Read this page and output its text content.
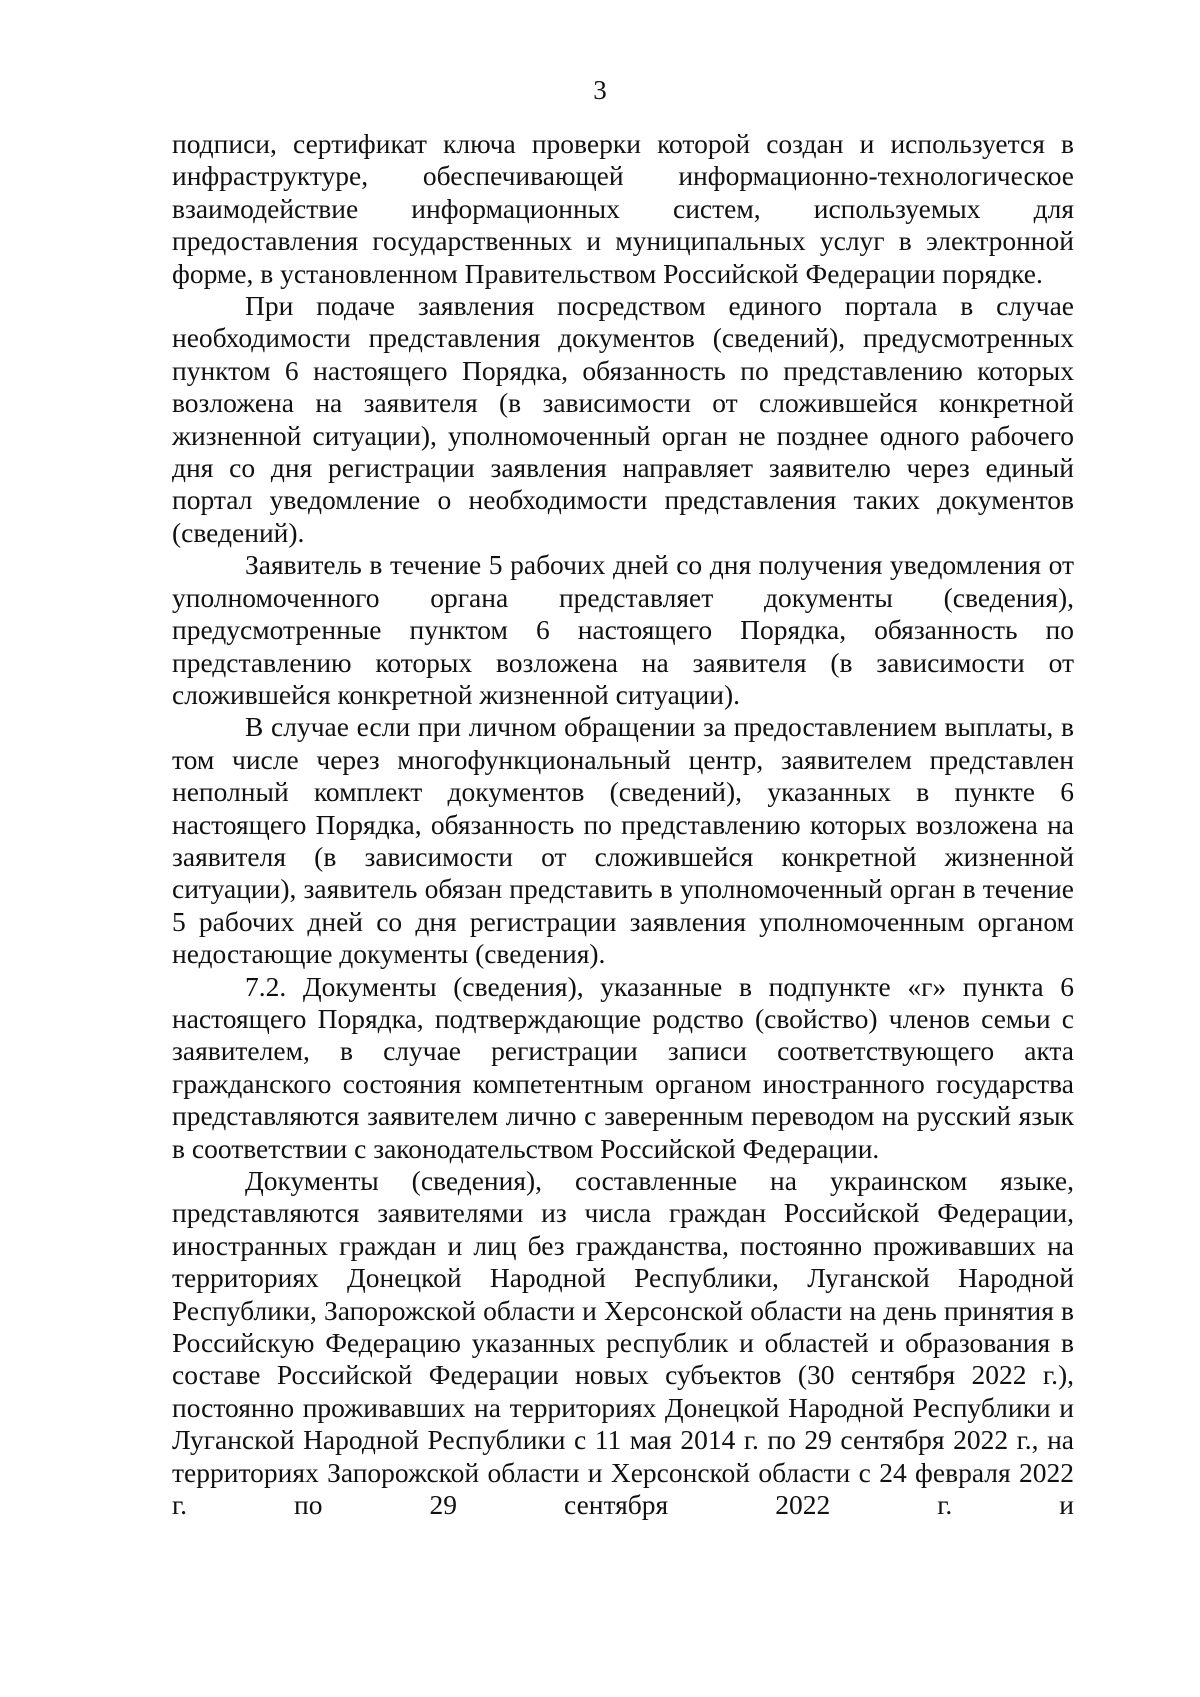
3

подписи, сертификат ключа проверки которой создан и используется в инфраструктуре, обеспечивающей информационно-технологическое взаимодействие информационных систем, используемых для предоставления государственных и муниципальных услуг в электронной форме, в установленном Правительством Российской Федерации порядке.

При подаче заявления посредством единого портала в случае необходимости представления документов (сведений), предусмотренных пунктом 6 настоящего Порядка, обязанность по представлению которых возложена на заявителя (в зависимости от сложившейся конкретной жизненной ситуации), уполномоченный орган не позднее одного рабочего дня со дня регистрации заявления направляет заявителю через единый портал уведомление о необходимости представления таких документов (сведений).

Заявитель в течение 5 рабочих дней со дня получения уведомления от уполномоченного органа представляет документы (сведения), предусмотренные пунктом 6 настоящего Порядка, обязанность по представлению которых возложена на заявителя (в зависимости от сложившейся конкретной жизненной ситуации).

В случае если при личном обращении за предоставлением выплаты, в том числе через многофункциональный центр, заявителем представлен неполный комплект документов (сведений), указанных в пункте 6 настоящего Порядка, обязанность по представлению которых возложена на заявителя (в зависимости от сложившейся конкретной жизненной ситуации), заявитель обязан представить в уполномоченный орган в течение 5 рабочих дней со дня регистрации заявления уполномоченным органом недостающие документы (сведения).

7.2. Документы (сведения), указанные в подпункте «г» пункта 6 настоящего Порядка, подтверждающие родство (свойство) членов семьи с заявителем, в случае регистрации записи соответствующего акта гражданского состояния компетентным органом иностранного государства представляются заявителем лично с заверенным переводом на русский язык в соответствии с законодательством Российской Федерации.

Документы (сведения), составленные на украинском языке, представляются заявителями из числа граждан Российской Федерации, иностранных граждан и лиц без гражданства, постоянно проживавших на территориях Донецкой Народной Республики, Луганской Народной Республики, Запорожской области и Херсонской области на день принятия в Российскую Федерацию указанных республик и областей и образования в составе Российской Федерации новых субъектов (30 сентября 2022 г.), постоянно проживавших на территориях Донецкой Народной Республики и Луганской Народной Республики с 11 мая 2014 г. по 29 сентября 2022 г., на территориях Запорожской области и Херсонской области с 24 февраля 2022 г. по 29 сентября 2022 г. и
